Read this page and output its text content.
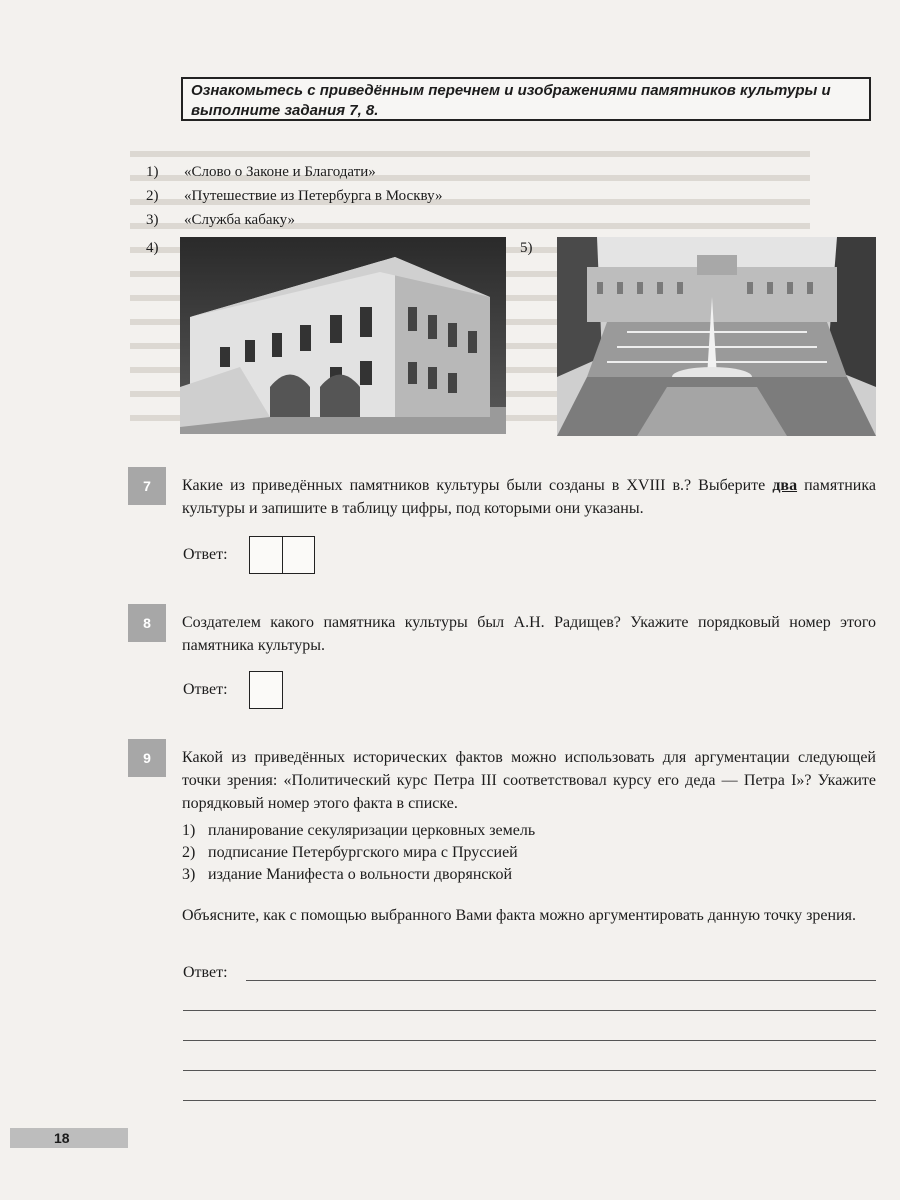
Ознакомьтесь с приведённым перечнем и изображениями памятников культуры и выполните задания 7, 8.
1)	«Слово о Законе и Благодати»
2)	«Путешествие из Петербурга в Москву»
3)	«Служба кабаку»
4)	5)
7	Какие из приведённых памятников культуры были созданы в XVIII в.? Выберите два памятника культуры и запишите в таблицу цифры, под которыми они указаны.
Ответ:
8	Создателем какого памятника культуры был А.Н. Радищев? Укажите порядковый номер этого памятника культуры.
Ответ:
9	Какой из приведённых исторических фактов можно использовать для аргументации следующей точки зрения: «Политический курс Петра III соответствовал курсу его деда — Петра I»? Укажите порядковый номер этого факта в списке.
1) планирование секуляризации церковных земель
2) подписание Петербургского мира с Пруссией
3) издание Манифеста о вольности дворянской
Объясните, как с помощью выбранного Вами факта можно аргументировать данную точку зрения.
Ответ:
18
